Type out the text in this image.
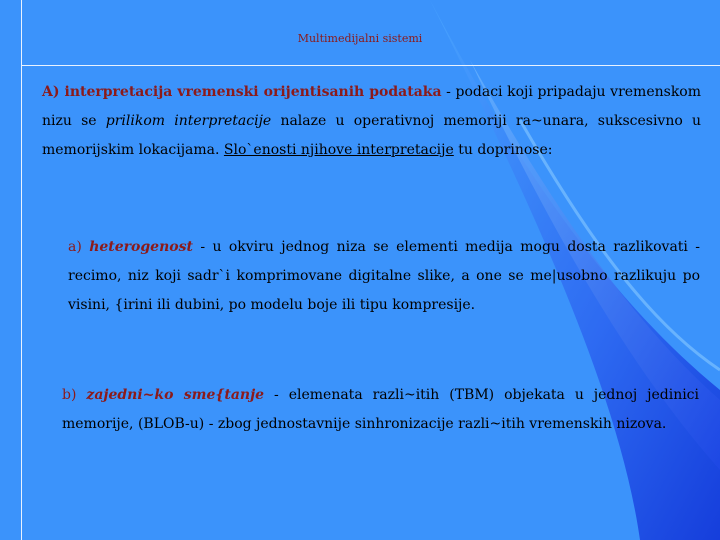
Multimedijalni sistemi
A) interpretacija vremenski orijentisanih podataka - podaci koji pripadaju vremenskom nizu se prilikom interpretacije nalaze u operativnoj memoriji ra~unara, sukscesivno u memorijskim lokacijama. Slo`enosti njihove interpretacije tu doprinose:
a) heterogenost - u okviru jednog niza se elementi medija mogu dosta razlikovati - recimo, niz koji sadr`i komprimovane digitalne slike, a one se me|usobno razlikuju po visini, {irini ili dubini, po modelu boje ili tipu kompresije.
b) zajedni~ko sme{tanje - elemenata razli~itih (TBM) objekata u jednoj jedinici memorije, (BLOB-u) - zbog jednostavnije sinhronizacije razli~itih vremenskih nizova.
